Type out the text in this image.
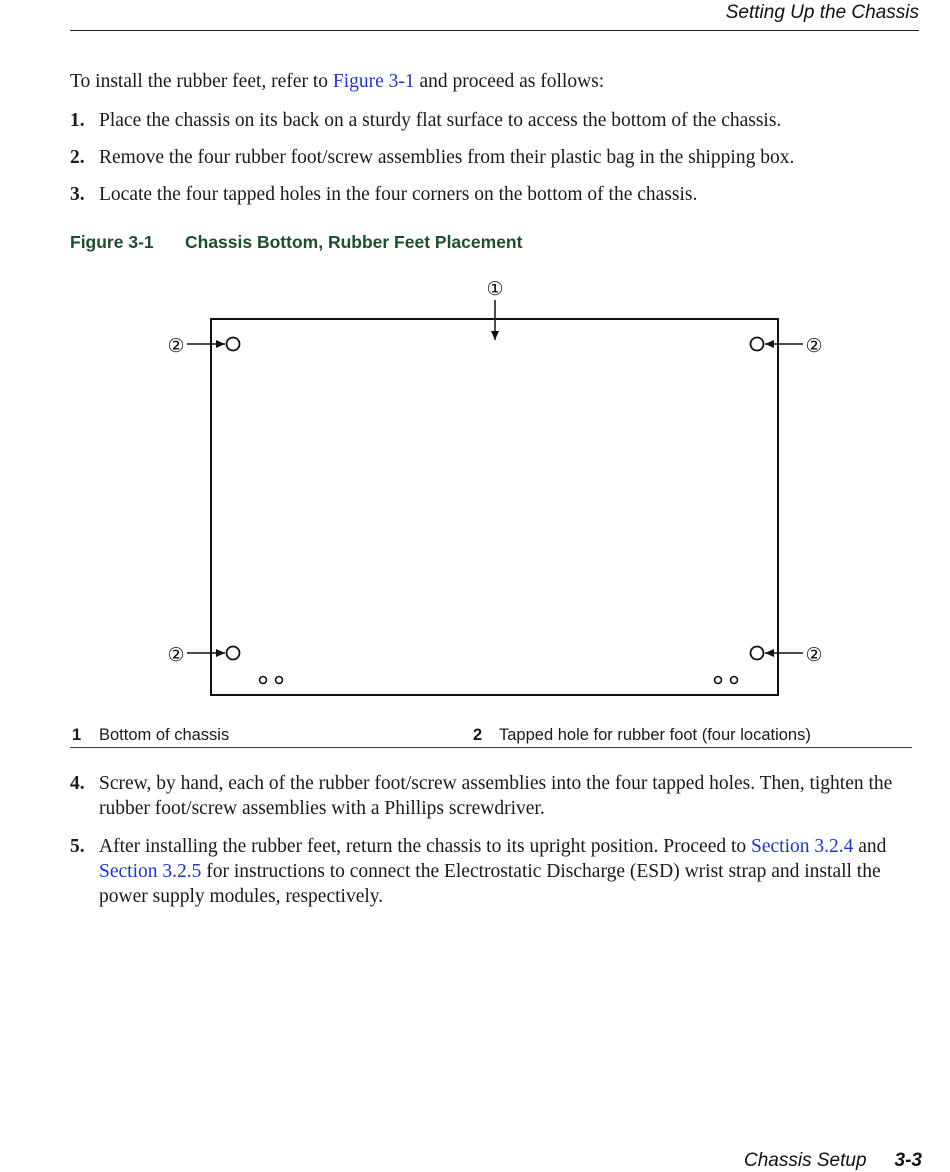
Setting Up the Chassis
To install the rubber feet, refer to Figure 3-1 and proceed as follows:
1. Place the chassis on its back on a sturdy flat surface to access the bottom of the chassis.
2. Remove the four rubber foot/screw assemblies from their plastic bag in the shipping box.
3. Locate the four tapped holes in the four corners on the bottom of the chassis.
Figure 3-1 Chassis Bottom, Rubber Feet Placement
①
②	②
②	②
1 Bottom of chassis	2 Tapped hole for rubber foot (four locations)
4. Screw, by hand, each of the rubber foot/screw assemblies into the four tapped holes. Then, tighten the rubber foot/screw assemblies with a Phillips screwdriver.
5. After installing the rubber feet, return the chassis to its upright position. Proceed to Section 3.2.4 and Section 3.2.5 for instructions to connect the Electrostatic Discharge (ESD) wrist strap and install the power supply modules, respectively.
Chassis Setup 3-3
